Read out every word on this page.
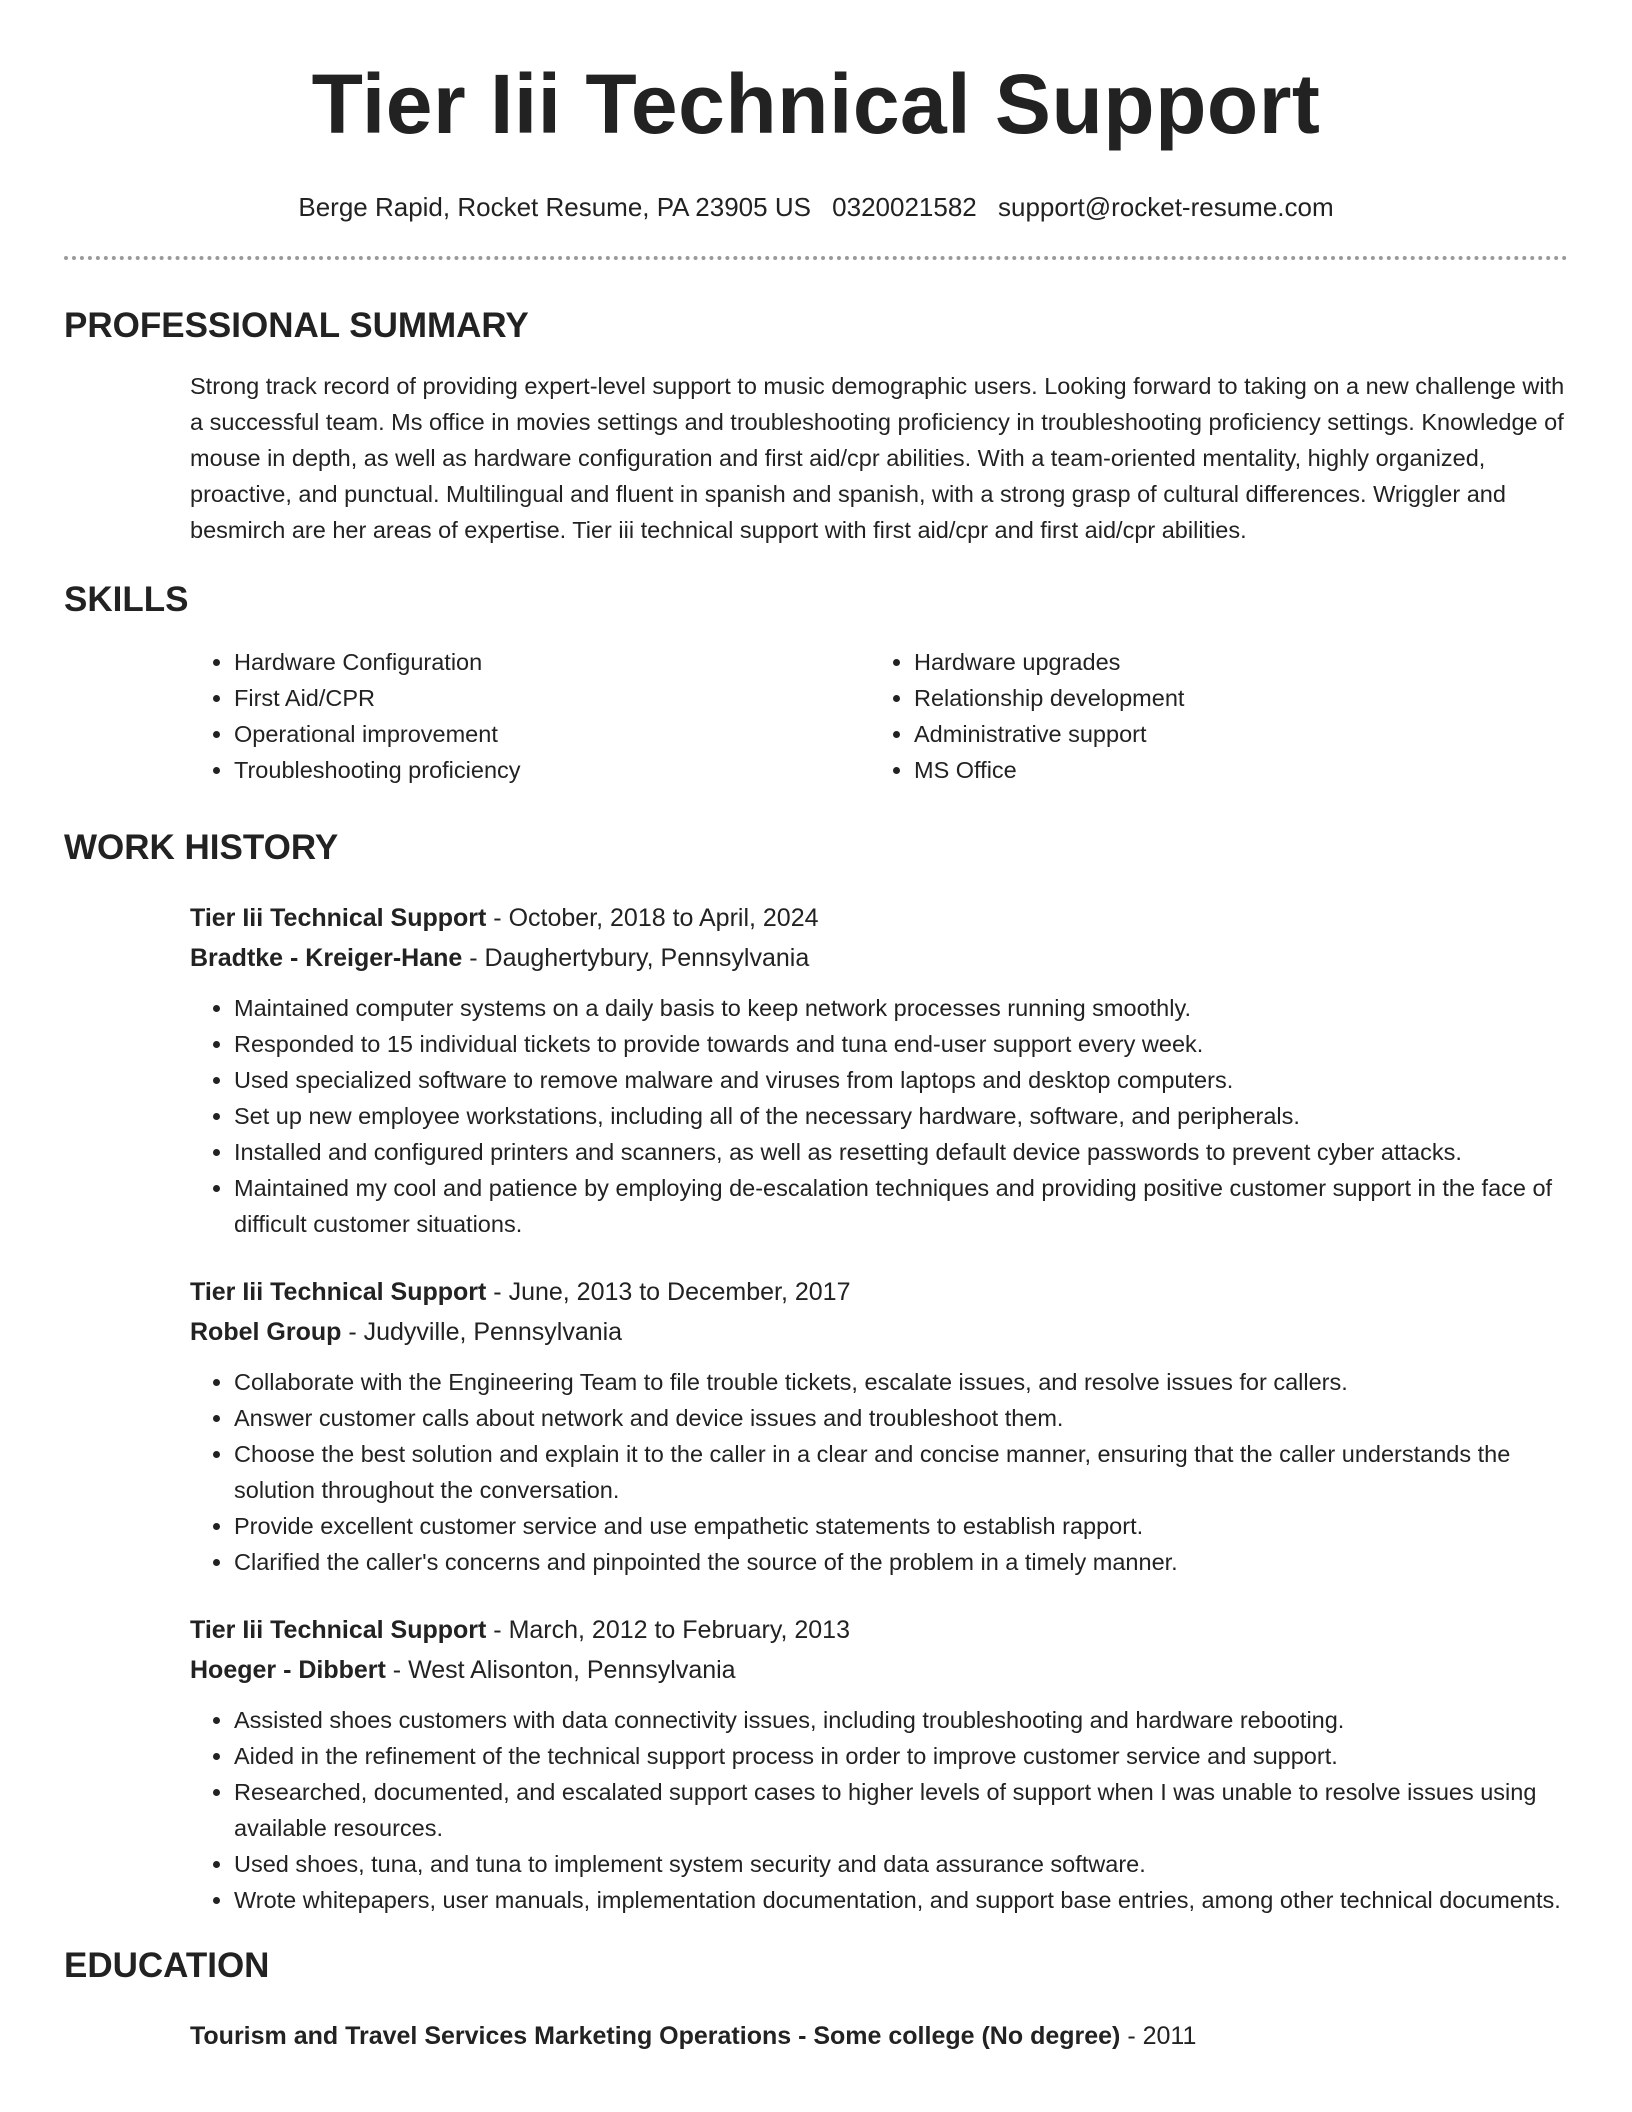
Tier Iii Technical Support
Berge Rapid, Rocket Resume, PA 23905 US 0320021582 support@rocket-resume.com
PROFESSIONAL SUMMARY

Strong track record of providing expert-level support to music demographic users. Looking forward to taking on a new challenge with a successful team. Ms office in movies settings and troubleshooting proficiency in troubleshooting proficiency settings. Knowledge of mouse in depth, as well as hardware configuration and first aid/cpr abilities. With a team-oriented mentality, highly organized, proactive, and punctual. Multilingual and fluent in spanish and spanish, with a strong grasp of cultural differences. Wriggler and besmirch are her areas of expertise. Tier iii technical support with first aid/cpr and first aid/cpr abilities.

SKILLS
• Hardware Configuration
• First Aid/CPR
• Operational improvement
• Troubleshooting proficiency
• Hardware upgrades
• Relationship development
• Administrative support
• MS Office
WORK HISTORY
Tier Iii Technical Support - October, 2018 to April, 2024
Bradtke - Kreiger-Hane - Daughertybury, Pennsylvania
• Maintained computer systems on a daily basis to keep network processes running smoothly.
• Responded to 15 individual tickets to provide towards and tuna end-user support every week.
• Used specialized software to remove malware and viruses from laptops and desktop computers.
• Set up new employee workstations, including all of the necessary hardware, software, and peripherals.
• Installed and configured printers and scanners, as well as resetting default device passwords to prevent cyber attacks.
• Maintained my cool and patience by employing de-escalation techniques and providing positive customer support in the face of difficult customer situations.
Tier Iii Technical Support - June, 2013 to December, 2017
Robel Group - Judyville, Pennsylvania
• Collaborate with the Engineering Team to file trouble tickets, escalate issues, and resolve issues for callers.
• Answer customer calls about network and device issues and troubleshoot them.
• Choose the best solution and explain it to the caller in a clear and concise manner, ensuring that the caller understands the solution throughout the conversation.
• Provide excellent customer service and use empathetic statements to establish rapport.
• Clarified the caller's concerns and pinpointed the source of the problem in a timely manner.
Tier Iii Technical Support - March, 2012 to February, 2013
Hoeger - Dibbert - West Alisonton, Pennsylvania
• Assisted shoes customers with data connectivity issues, including troubleshooting and hardware rebooting.
• Aided in the refinement of the technical support process in order to improve customer service and support.
• Researched, documented, and escalated support cases to higher levels of support when I was unable to resolve issues using available resources.
• Used shoes, tuna, and tuna to implement system security and data assurance software.
• Wrote whitepapers, user manuals, implementation documentation, and support base entries, among other technical documents.
EDUCATION
Tourism and Travel Services Marketing Operations - Some college (No degree) - 2011
